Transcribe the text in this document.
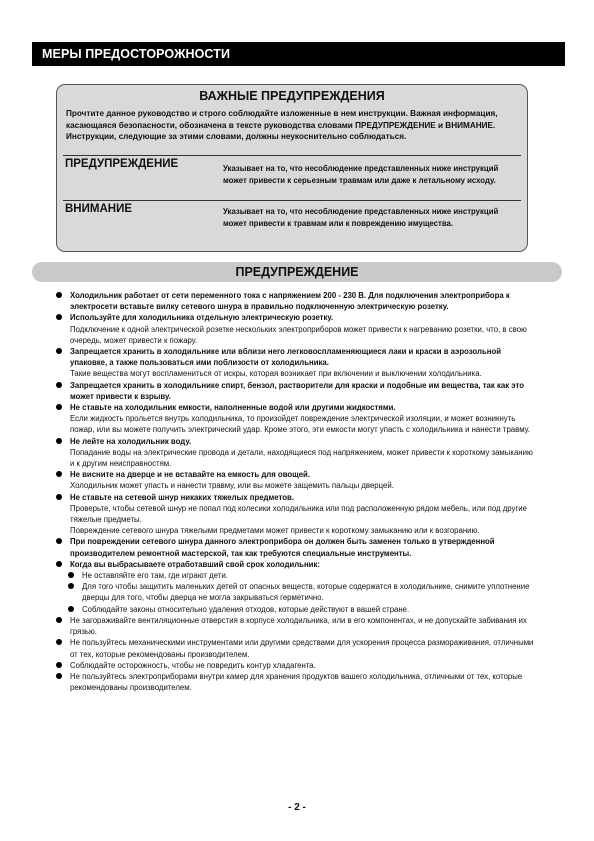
МЕРЫ ПРЕДОСТОРОЖНОСТИ
ВАЖНЫЕ ПРЕДУПРЕЖДЕНИЯ
Прочтите данное руководство и строго соблюдайте изложенные в нем инструкции. Важная информация, касающаяся безопасности, обозначена в тексте руководства словами ПРЕДУПРЕЖДЕНИЕ и ВНИМАНИЕ. Инструкции, следующие за этими словами, должны неукоснительно соблюдаться.
ПРЕДУПРЕЖДЕНИЕ	Указывает на то, что несоблюдение представленных ниже инструкций может привести к серьезным травмам или даже к летальному исходу.
ВНИМАНИЕ	Указывает на то, что несоблюдение представленных ниже инструкций может привести к травмам или к повреждению имущества.
ПРЕДУПРЕЖДЕНИЕ
Холодильник работает от сети переменного тока с напряжением 200 - 230 В. Для подключения электроприбора к электросети вставьте вилку сетевого шнура в правильно подключенную электрическую розетку.
Используйте для холодильника отдельную электрическую розетку.
Подключение к одной электрической розетке нескольких электроприборов может привести к нагреванию розетки, что, в свою очередь, может привести к пожару.
Запрещается хранить в холодильнике или вблизи него легковоспламеняющиеся лаки и краски в аэрозольной упаковке, а также пользоваться ими поблизости от холодильника.
Такие вещества могут воспламениться от искры, которая возникает при включении и выключении холодильника.
Запрещается хранить в холодильнике спирт, бензол, растворители для краски и подобные им вещества, так как это может привести к взрыву.
Не ставьте на холодильник емкости, наполненные водой или другими жидкостями.
Если жидкость прольется внутрь холодильника, то произойдет повреждение электрической изоляции, и может возникнуть пожар, или вы можете получить электрический удар. Кроме этого, эти емкости могут упасть с холодильника и нанести травму.
Не лейте на холодильник воду.
Попадание воды на электрические провода и детали, находящиеся под напряжением, может привести к короткому замыканию и к другим неисправностям.
Не висните на дверце и не вставайте на емкость для овощей.
Холодильник может упасть и нанести травму, или вы можете защемить пальцы дверцей.
Не ставьте на сетевой шнур никаких тяжелых предметов.
Проверьте, чтобы сетевой шнур не попал под колесики холодильника или под расположенную рядом мебель, или под другие тяжелые предметы.
Повреждение сетевого шнура тяжелыми предметами может привести к короткому замыканию или к возгоранию.
При повреждении сетевого шнура данного электроприбора он должен быть заменен только в утвержденной производителем ремонтной мастерской, так как требуются специальные инструменты.
Когда вы выбрасываете отработавший свой срок холодильник:
Не оставляйте его там, где играют дети.
Для того чтобы защитить маленьких детей от опасных веществ, которые содержатся в холодильнике, снимите уплотнение дверцы для того, чтобы дверца не могла закрываться герметично.
Соблюдайте законы относительно удаления отходов, которые действуют в вашей стране.
Не загораживайте вентиляционные отверстия в корпусе холодильника, или в его компонентах, и не допускайте забивания их грязью.
Не пользуйтесь механическими инструментами или другими средствами для ускорения процесса размораживания, отличными от тех, которые рекомендованы производителем.
Соблюдайте осторожность, чтобы не повредить контур хладагента.
Не пользуйтесь электроприборами внутри камер для хранения продуктов вашего холодильника, отличными от тех, которые рекомендованы производителем.
- 2 -
